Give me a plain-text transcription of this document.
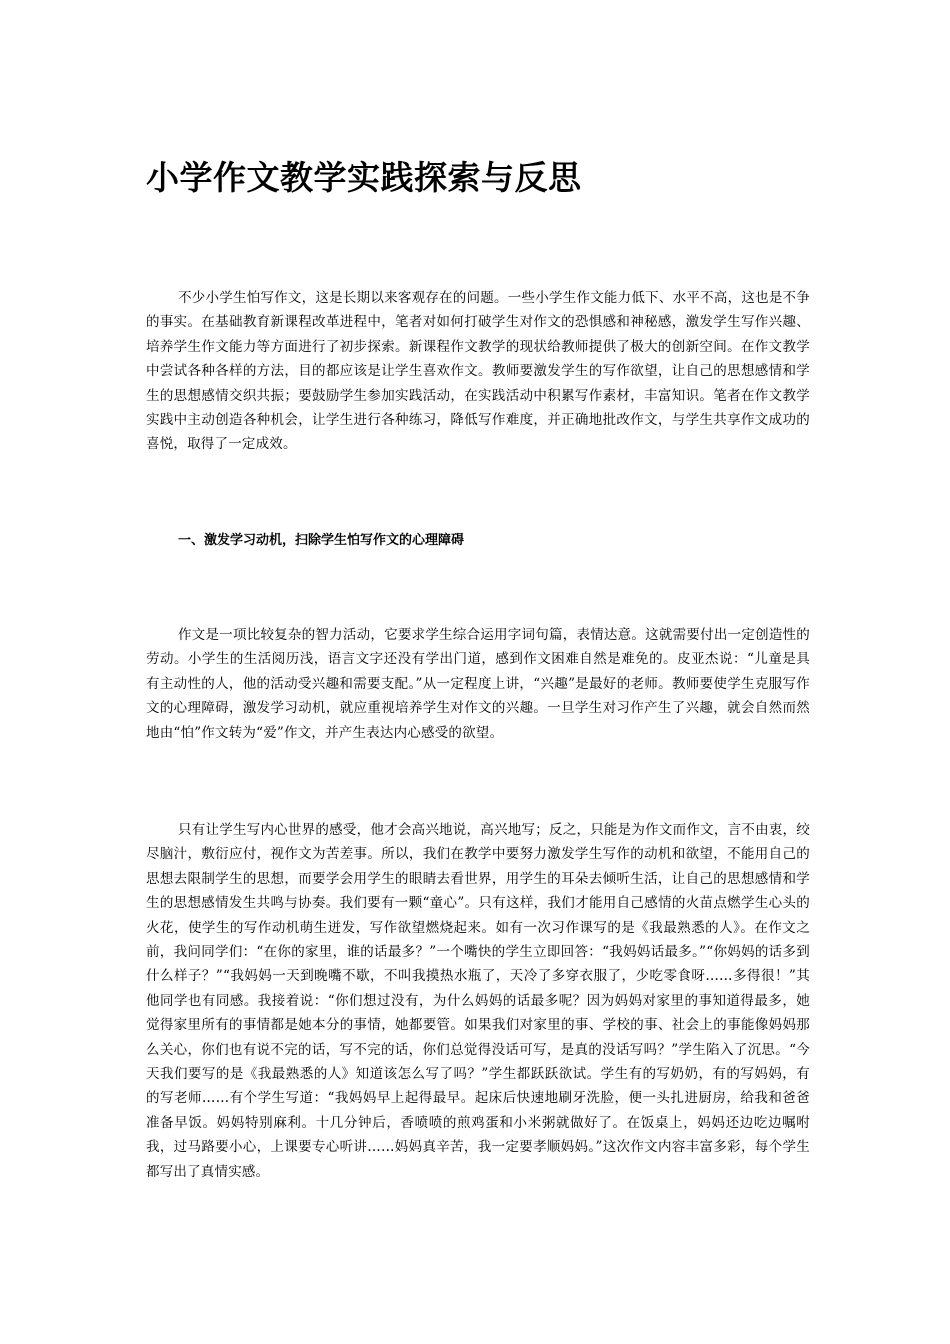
小学作文教学实践探索与反思

不少小学生怕写作文，这是长期以来客观存在的问题。一些小学生作文能力低下、水平不高，这也是不争的事实。在基础教育新课程改革进程中，笔者对如何打破学生对作文的恐惧感和神秘感，激发学生写作兴趣、培养学生作文能力等方面进行了初步探索。新课程作文教学的现状给教师提供了极大的创新空间。在作文教学中尝试各种各样的方法，目的都应该是让学生喜欢作文。教师要激发学生的写作欲望，让自己的思想感情和学生的思想感情交织共振；要鼓励学生参加实践活动，在实践活动中积累写作素材，丰富知识。笔者在作文教学实践中主动创造各种机会，让学生进行各种练习，降低写作难度，并正确地批改作文，与学生共享作文成功的喜悦，取得了一定成效。

一、激发学习动机，扫除学生怕写作文的心理障碍

作文是一项比较复杂的智力活动，它要求学生综合运用字词句篇，表情达意。这就需要付出一定创造性的劳动。小学生的生活阅历浅，语言文字还没有学出门道，感到作文困难自然是难免的。皮亚杰说：“儿童是具有主动性的人，他的活动受兴趣和需要支配。”从一定程度上讲，“兴趣”是最好的老师。教师要使学生克服写作文的心理障碍，激发学习动机，就应重视培养学生对作文的兴趣。一旦学生对习作产生了兴趣，就会自然而然地由“怕”作文转为“爱”作文，并产生表达内心感受的欲望。

只有让学生写内心世界的感受，他才会高兴地说，高兴地写；反之，只能是为作文而作文，言不由衷，绞尽脑汁，敷衍应付，视作文为苦差事。所以，我们在教学中要努力激发学生写作的动机和欲望，不能用自己的思想去限制学生的思想，而要学会用学生的眼睛去看世界，用学生的耳朵去倾听生活，让自己的思想感情和学生的思想感情发生共鸣与协奏。我们要有一颗“童心”。只有这样，我们才能用自己感情的火苗点燃学生心头的火花，使学生的写作动机萌生迸发，写作欲望燃烧起来。如有一次习作课写的是《我最熟悉的人》。在作文之前，我问同学们：“在你的家里，谁的话最多？”一个嘴快的学生立即回答：“我妈妈话最多。”“你妈妈的话多到什么样子？”“我妈妈一天到晚嘴不歇，不叫我摸热水瓶了，天冷了多穿衣服了，少吃零食呀……多得很！”其他同学也有同感。我接着说：“你们想过没有，为什么妈妈的话最多呢？因为妈妈对家里的事知道得最多，她觉得家里所有的事情都是她本分的事情，她都要管。如果我们对家里的事、学校的事、社会上的事能像妈妈那么关心，你们也有说不完的话，写不完的话，你们总觉得没话可写，是真的没话写吗？”学生陷入了沉思。“今天我们要写的是《我最熟悉的人》知道该怎么写了吗？”学生都跃跃欲试。学生有的写奶奶，有的写妈妈，有的写老师……有个学生写道：“我妈妈早上起得最早。起床后快速地刷牙洗脸，便一头扎进厨房，给我和爸爸准备早饭。妈妈特别麻利。十几分钟后，香喷喷的煎鸡蛋和小米粥就做好了。在饭桌上，妈妈还边吃边嘱咐我，过马路要小心，上课要专心听讲……妈妈真辛苦，我一定要孝顺妈妈。”这次作文内容丰富多彩，每个学生都写出了真情实感。
